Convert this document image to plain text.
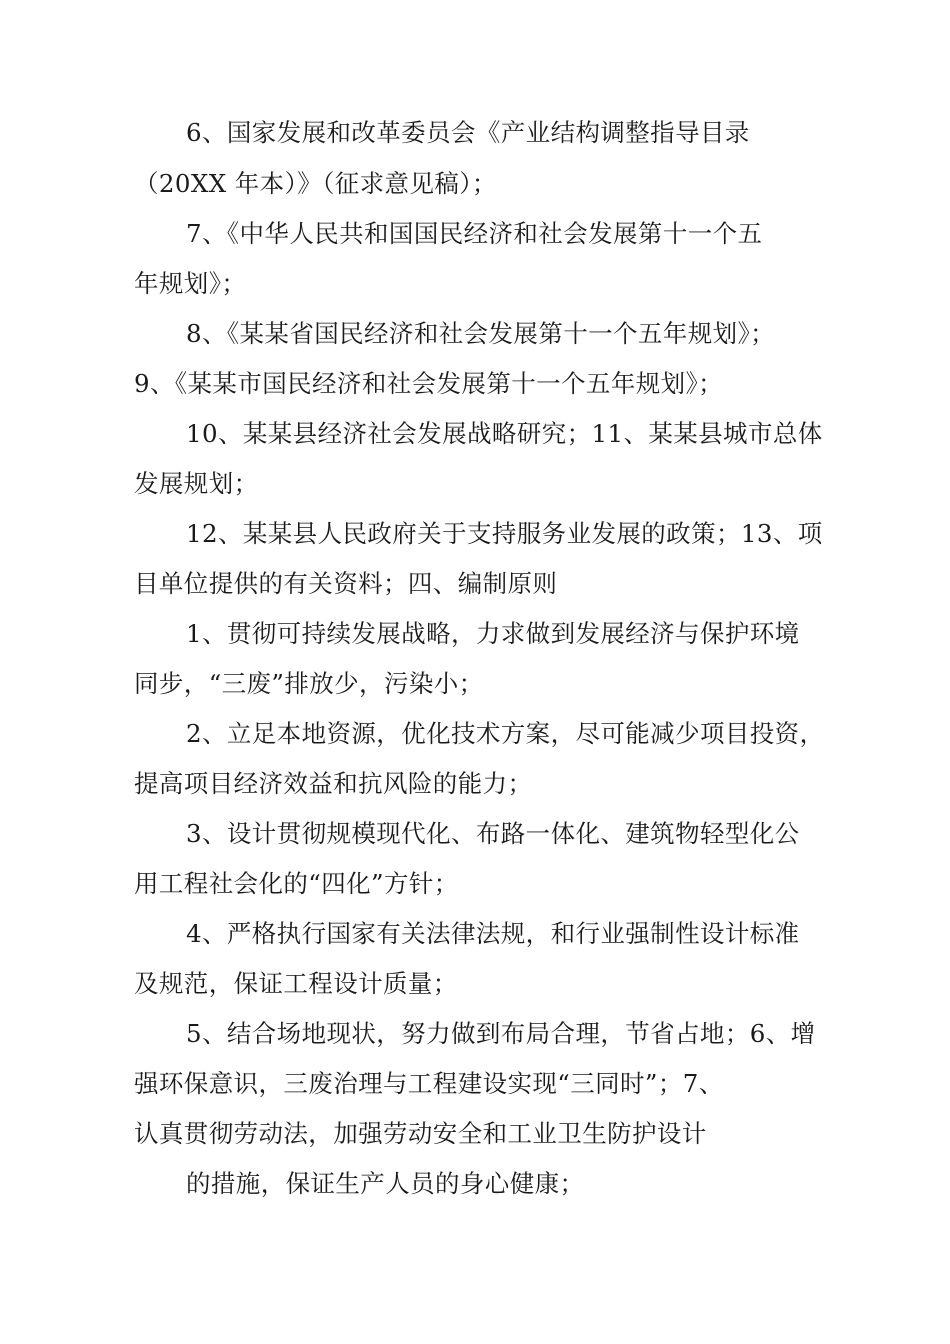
6、国家发展和改革委员会《产业结构调整指导目录
（20XX 年本）》（征求意见稿）；
7、《中华人民共和国国民经济和社会发展第十一个五
年规划》；
8、《某某省国民经济和社会发展第十一个五年规划》；
9、《某某市国民经济和社会发展第十一个五年规划》；
10、某某县经济社会发展战略研究；11、某某县城市总体
发展规划；
12、某某县人民政府关于支持服务业发展的政策；13、项
目单位提供的有关资料；四、编制原则
1、贯彻可持续发展战略，力求做到发展经济与保护环境
同步，“三废”排放少，污染小；
2、立足本地资源，优化技术方案，尽可能减少项目投资，
提高项目经济效益和抗风险的能力；
3、设计贯彻规模现代化、布路一体化、建筑物轻型化公
用工程社会化的“四化”方针；
4、严格执行国家有关法律法规，和行业强制性设计标准
及规范，保证工程设计质量；
5、结合场地现状，努力做到布局合理，节省占地；6、增
强环保意识，三废治理与工程建设实现“三同时”；7、
认真贯彻劳动法，加强劳动安全和工业卫生防护设计
的措施，保证生产人员的身心健康；
